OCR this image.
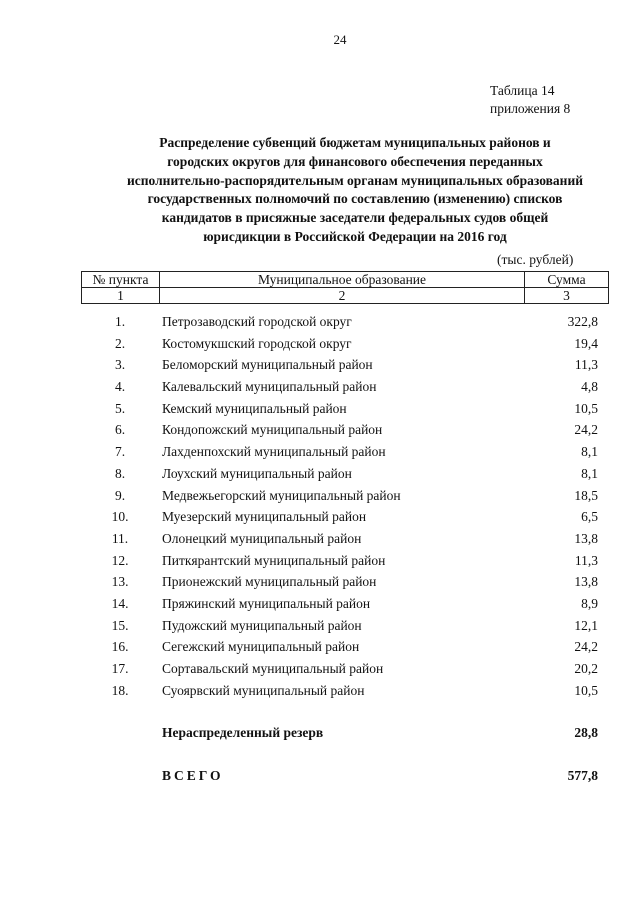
24
Таблица 14
приложения 8
Распределение субвенций бюджетам муниципальных районов и
городских округов для финансового обеспечения переданных
исполнительно-распорядительным органам муниципальных образований
государственных полномочий по составлению (изменению) списков
кандидатов в присяжные заседатели федеральных судов общей
юрисдикции в Российской Федерации на 2016 год
(тыс. рублей)
№ пункта	Муниципальное образование	Сумма
1	2	3
1.	Петрозаводский городской округ	322,8
2.	Костомукшский городской округ	19,4
3.	Беломорский муниципальный район	11,3
4.	Калевальский муниципальный район	4,8
5.	Кемский муниципальный район	10,5
6.	Кондопожский муниципальный район	24,2
7.	Лахденпохский муниципальный район	8,1
8.	Лоухский муниципальный район	8,1
9.	Медвежьегорский муниципальный район	18,5
10.	Муезерский муниципальный район	6,5
11.	Олонецкий муниципальный район	13,8
12.	Питкярантский муниципальный район	11,3
13.	Прионежский муниципальный район	13,8
14.	Пряжинский муниципальный район	8,9
15.	Пудожский муниципальный район	12,1
16.	Сегежский муниципальный район	24,2
17.	Сортавальский муниципальный район	20,2
18.	Суоярвский муниципальный район	10,5
Нераспределенный резерв	28,8
ВСЕГО	577,8
